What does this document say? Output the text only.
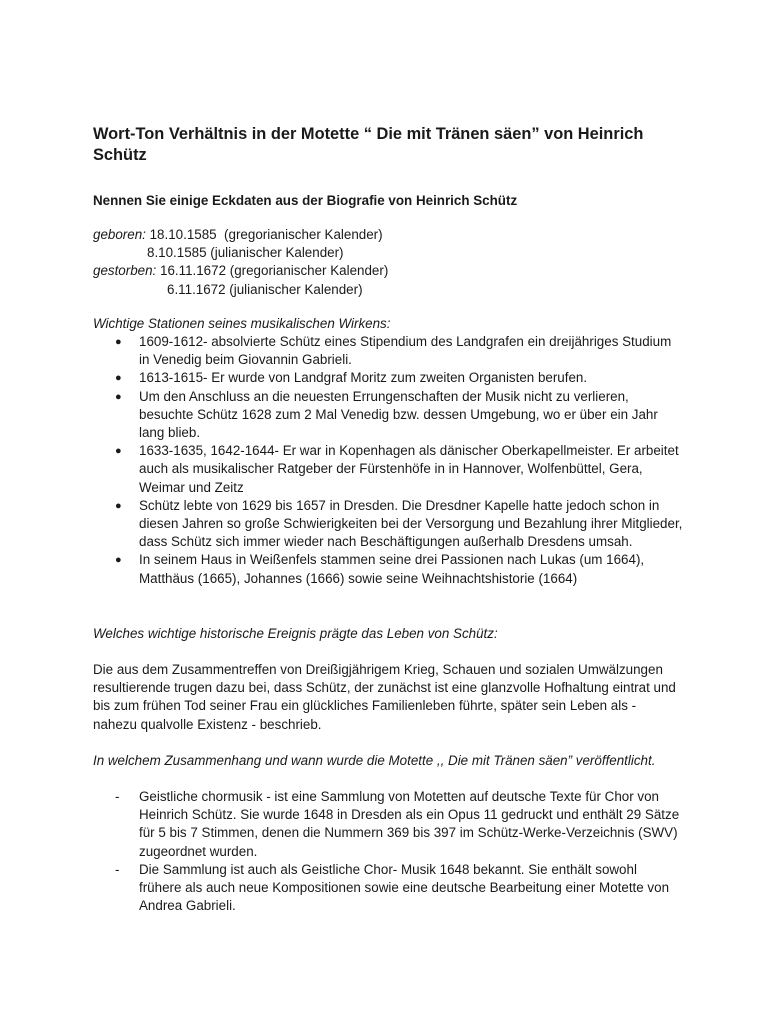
Wort-Ton Verhältnis in der Motette “ Die mit Tränen säen” von Heinrich Schütz
Nennen Sie einige Eckdaten aus der Biografie von Heinrich Schütz
geboren: 18.10.1585  (gregorianischer Kalender)
8.10.1585 (julianischer Kalender)
gestorben: 16.11.1672 (gregorianischer Kalender)
6.11.1672 (julianischer Kalender)

Wichtige Stationen seines musikalischen Wirkens:

● 1609-1612- absolvierte Schütz eines Stipendium des Landgrafen ein dreijähriges Studium in Venedig beim Giovannin Gabrieli.
● 1613-1615- Er wurde von Landgraf Moritz zum zweiten Organisten berufen.
● Um den Anschluss an die neuesten Errungenschaften der Musik nicht zu verlieren, besuchte Schütz 1628 zum 2 Mal Venedig bzw. dessen Umgebung, wo er über ein Jahr lang blieb.
● 1633-1635, 1642-1644- Er war in Kopenhagen als dänischer Oberkapellmeister. Er arbeitet auch als musikalischer Ratgeber der Fürstenhöfe in in Hannover, Wolfenbüttel, Gera, Weimar und Zeitz
● Schütz lebte von 1629 bis 1657 in Dresden. Die Dresdner Kapelle hatte jedoch schon in diesen Jahren so große Schwierigkeiten bei der Versorgung und Bezahlung ihrer Mitglieder, dass Schütz sich immer wieder nach Beschäftigungen außerhalb Dresdens umsah.
● In seinem Haus in Weißenfels stammen seine drei Passionen nach Lukas (um 1664), Matthäus (1665), Johannes (1666) sowie seine Weihnachtshistorie (1664)

Welches wichtige historische Ereignis prägte das Leben von Schütz:

Die aus dem Zusammentreffen von Dreißigjährigem Krieg, Schauen und sozialen Umwälzungen resultierende trugen dazu bei, dass Schütz, der zunächst ist eine glanzvolle Hofhaltung eintrat und bis zum frühen Tod seiner Frau ein glückliches Familienleben führte, später sein Leben als - nahezu qualvolle Existenz - beschrieb.

In welchem Zusammenhang und wann wurde die Motette ,, Die mit Tränen säen” veröffentlicht.

- Geistliche chormusik - ist eine Sammlung von Motetten auf deutsche Texte für Chor von Heinrich Schütz. Sie wurde 1648 in Dresden als ein Opus 11 gedruckt und enthält 29 Sätze für 5 bis 7 Stimmen, denen die Nummern 369 bis 397 im Schütz-Werke-Verzeichnis (SWV) zugeordnet wurden.
- Die Sammlung ist auch als Geistliche Chor- Musik 1648 bekannt. Sie enthält sowohl frühere als auch neue Kompositionen sowie eine deutsche Bearbeitung einer Motette von Andrea Gabrieli.
